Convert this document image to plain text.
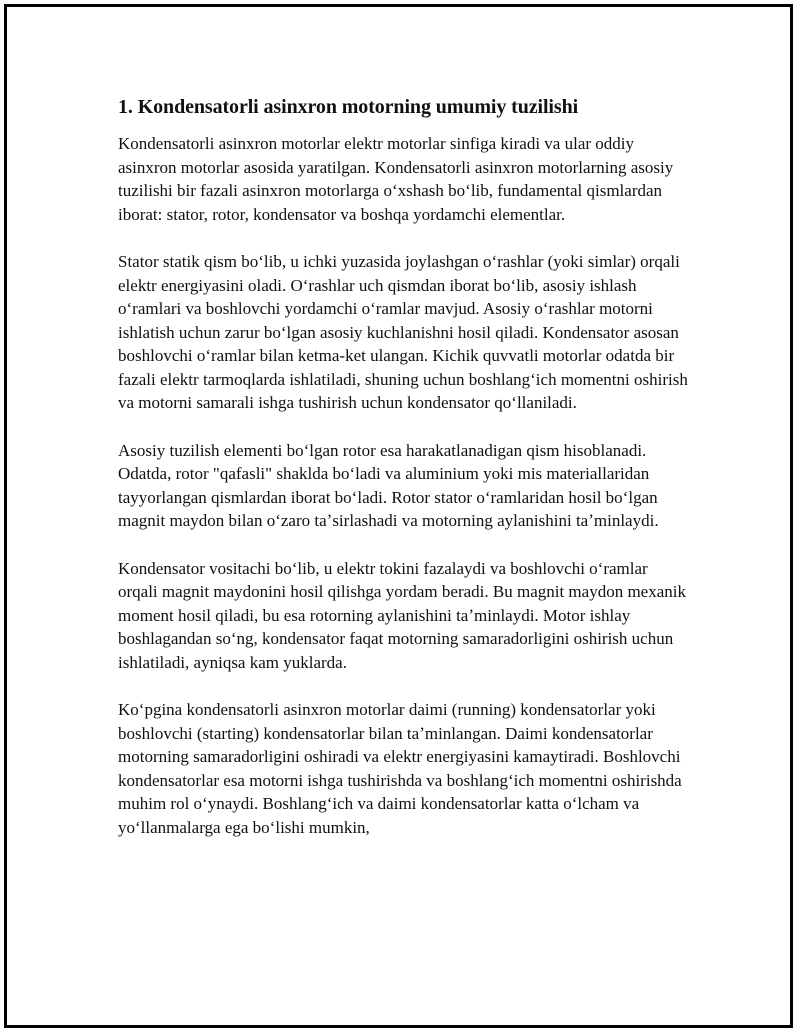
1. Kondensatorli asinxron motorning umumiy tuzilishi

Kondensatorli asinxron motorlar elektr motorlar sinfiga kiradi va ular oddiy asinxron motorlar asosida yaratilgan. Kondensatorli asinxron motorlarning asosiy tuzilishi bir fazali asinxron motorlarga oʻxshash boʻlib, fundamental qismlardan iborat: stator, rotor, kondensator va boshqa yordamchi elementlar.

Stator statik qism boʻlib, u ichki yuzasida joylashgan oʻrashlar (yoki simlar) orqali elektr energiyasini oladi. Oʻrashlar uch qismdan iborat boʻlib, asosiy ishlash oʻramlari va boshlovchi yordamchi oʻramlar mavjud. Asosiy oʻrashlar motorni ishlatish uchun zarur boʻlgan asosiy kuchlanishni hosil qiladi. Kondensator asosan boshlovchi oʻramlar bilan ketma-ket ulangan. Kichik quvvatli motorlar odatda bir fazali elektr tarmoqlarda ishlatiladi, shuning uchun boshlangʻich momentni oshirish va motorni samarali ishga tushirish uchun kondensator qoʻllaniladi.

Asosiy tuzilish elementi boʻlgan rotor esa harakatlanadigan qism hisoblanadi. Odatda, rotor "qafasli" shaklda boʻladi va aluminium yoki mis materiallaridan tayyorlangan qismlardan iborat boʻladi. Rotor stator oʻramlaridan hosil boʻlgan magnit maydon bilan oʻzaro taʼsirlashadi va motorning aylanishini taʼminlaydi.

Kondensator vositachi boʻlib, u elektr tokini fazalaydi va boshlovchi oʻramlar orqali magnit maydonini hosil qilishga yordam beradi. Bu magnit maydon mexanik moment hosil qiladi, bu esa rotorning aylanishini taʼminlaydi. Motor ishlay boshlagandan soʻng, kondensator faqat motorning samaradorligini oshirish uchun ishlatiladi, ayniqsa kam yuklarda.

Koʻpgina kondensatorli asinxron motorlar daimi (running) kondensatorlar yoki boshlovchi (starting) kondensatorlar bilan taʼminlangan. Daimi kondensatorlar motorning samaradorligini oshiradi va elektr energiyasini kamaytiradi. Boshlovchi kondensatorlar esa motorni ishga tushirishda va boshlangʻich momentni oshirishda muhim rol oʻynaydi. Boshlangʻich va daimi kondensatorlar katta oʻlcham va yoʻllanmalarga ega boʻlishi mumkin,
